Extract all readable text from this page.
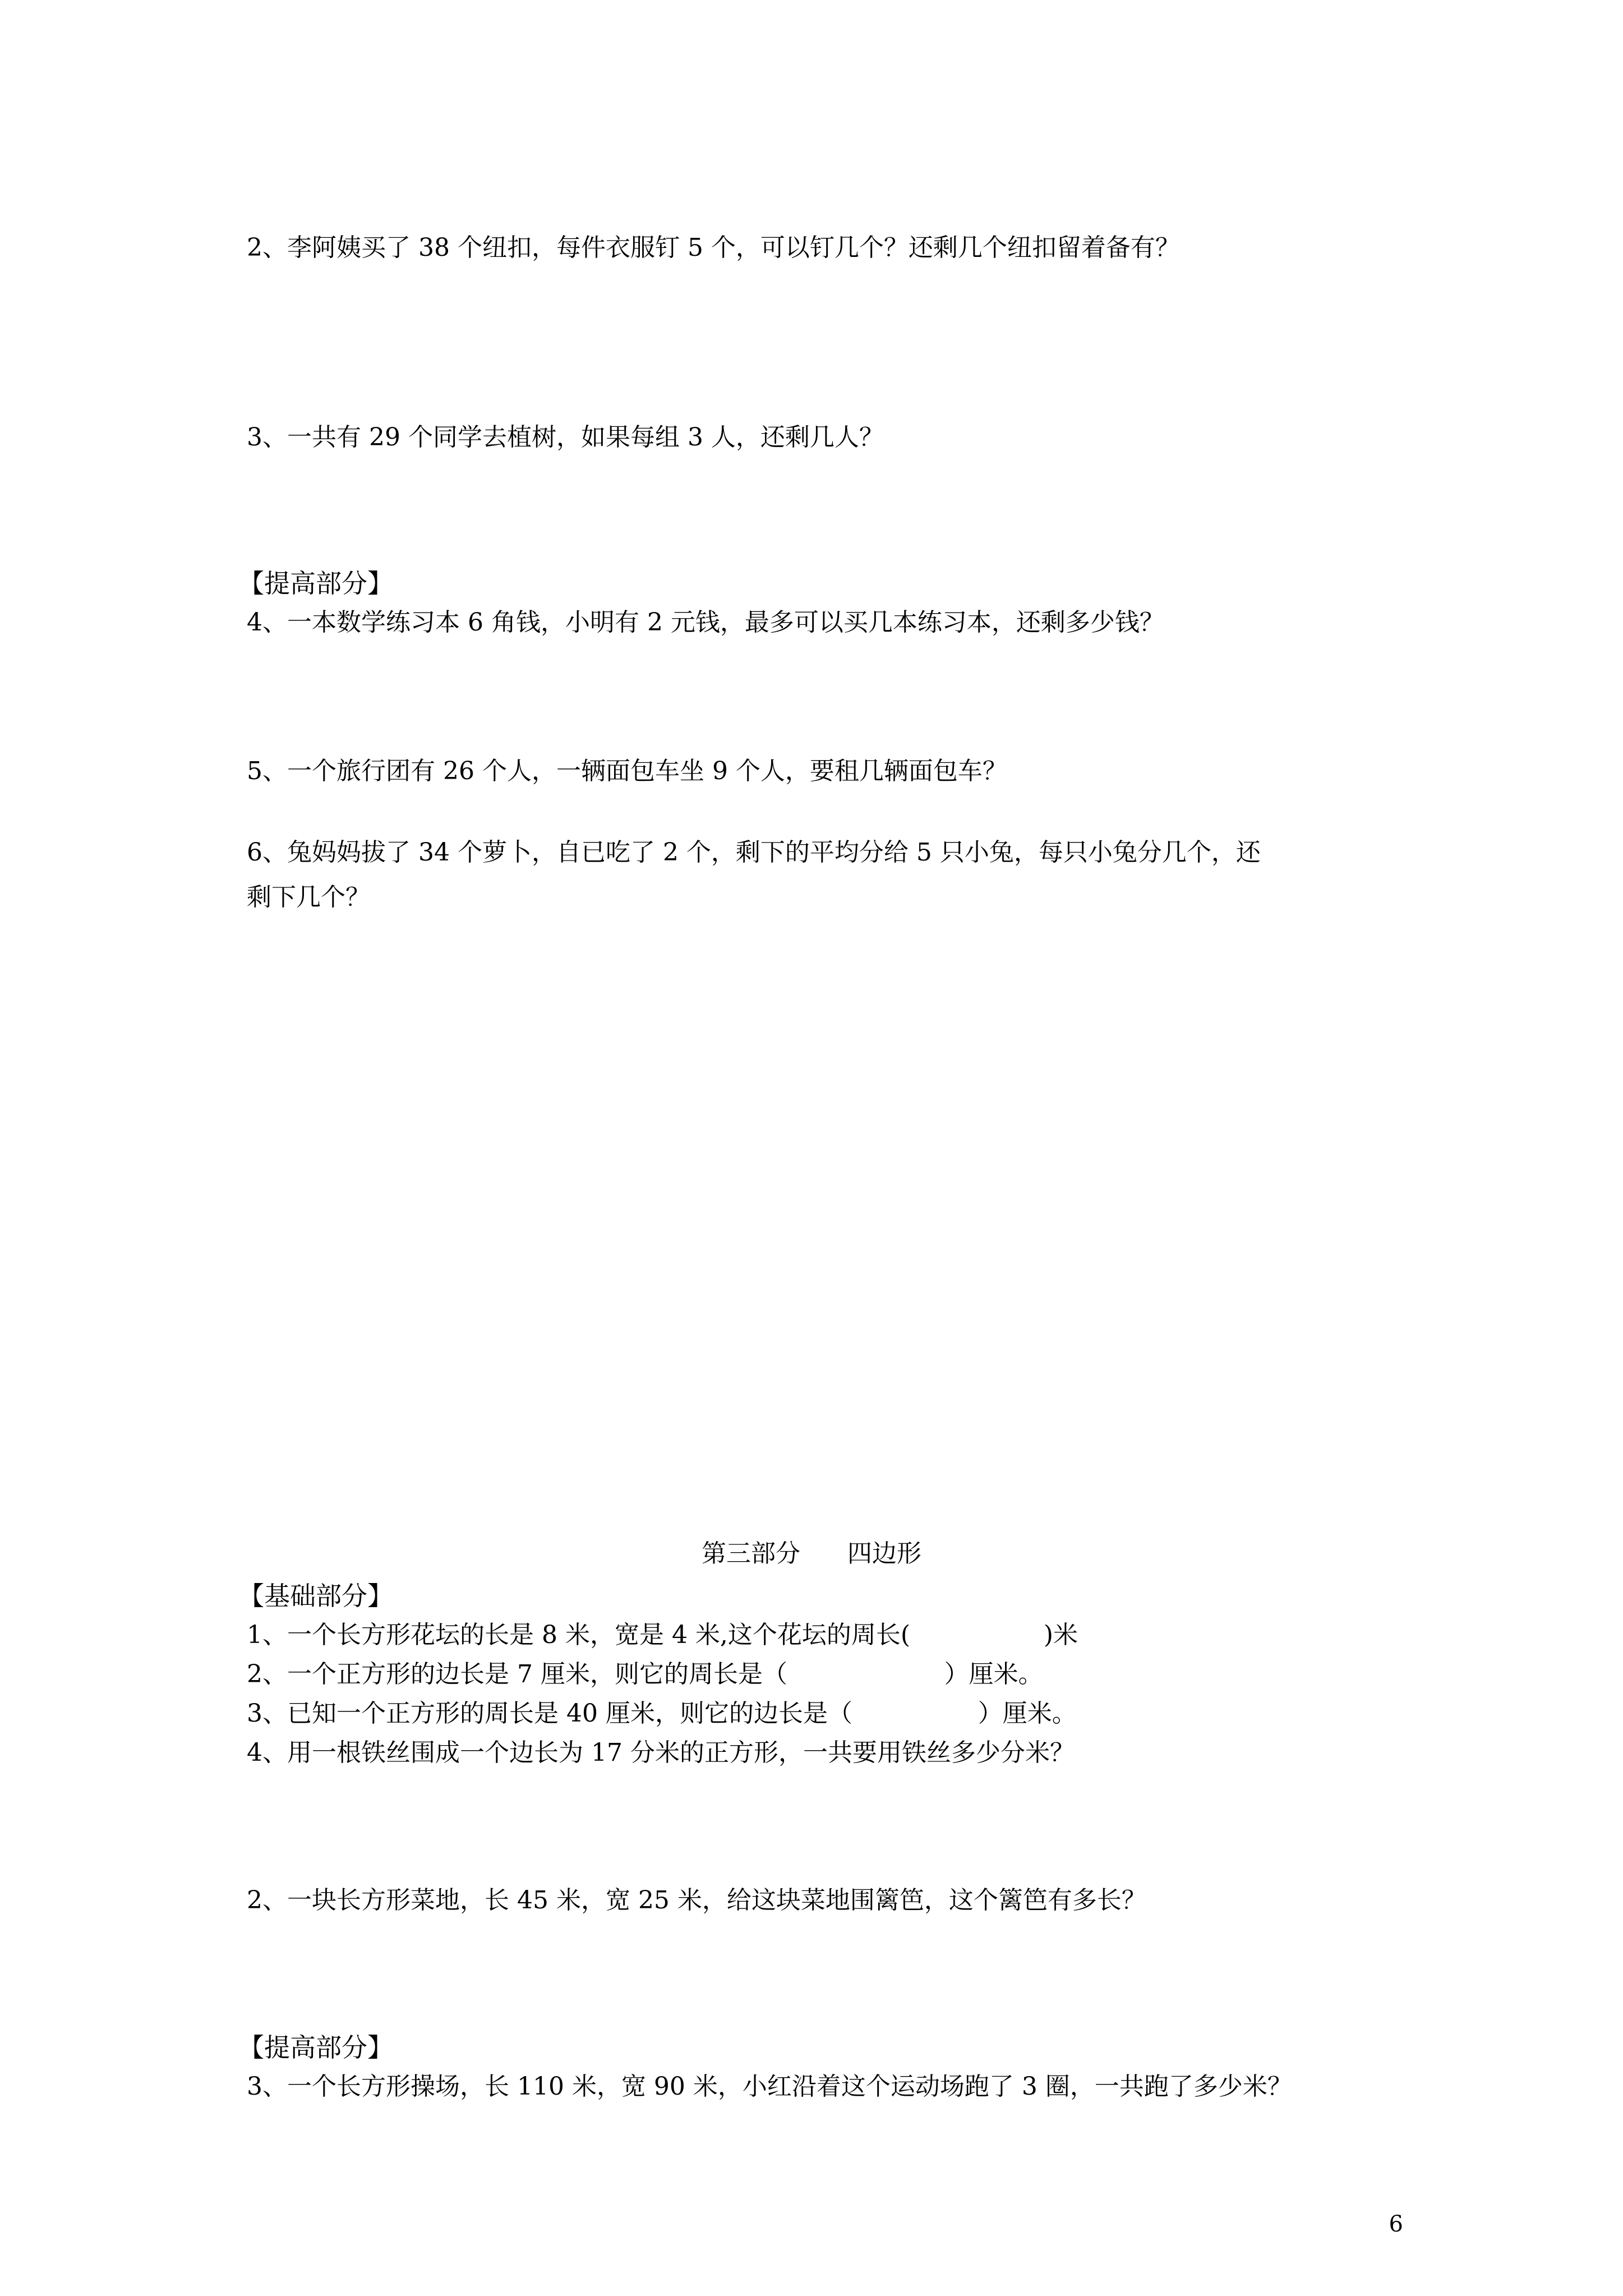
2、李阿姨买了 38 个纽扣，每件衣服钉 5 个，可以钉几个？还剩几个纽扣留着备有？
3、一共有 29 个同学去植树，如果每组 3 人，还剩几人？
【提高部分】
4、一本数学练习本 6 角钱，小明有 2 元钱，最多可以买几本练习本，还剩多少钱？
5、一个旅行团有 26 个人，一辆面包车坐 9 个人，要租几辆面包车？
6、兔妈妈拔了 34 个萝卜，自已吃了 2 个，剩下的平均分给 5 只小兔，每只小兔分几个，还
剩下几个？
第三部分      四边形
【基础部分】
1、一个长方形花坛的长是 8 米，宽是 4 米,这个花坛的周长(                 )米
2、一个正方形的边长是 7 厘米，则它的周长是（                    ）厘米。
3、已知一个正方形的周长是 40 厘米，则它的边长是（                ）厘米。
4、用一根铁丝围成一个边长为 17 分米的正方形，一共要用铁丝多少分米？
2、一块长方形菜地，长 45 米，宽 25 米，给这块菜地围篱笆，这个篱笆有多长？
【提高部分】
3、一个长方形操场，长 110 米，宽 90 米，小红沿着这个运动场跑了 3 圈，一共跑了多少米？
6
